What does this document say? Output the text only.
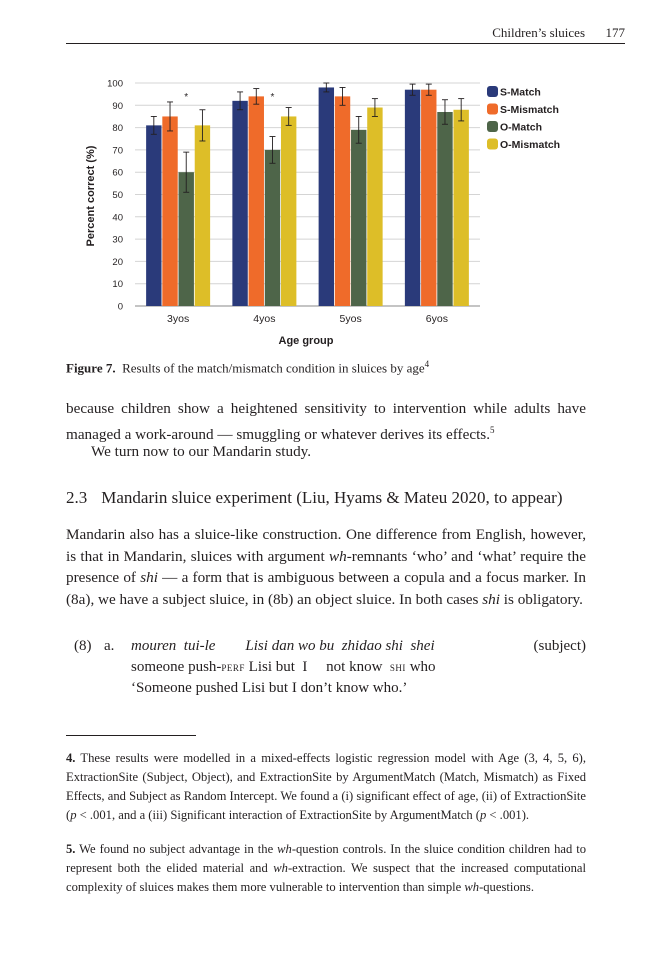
Children’s sluices 177
0
10
20
30
40
50
60
70
80
90
100
3yos	4yos	5yos	6yos
*	*	S-Match
S-Mismatch
O-Match
O-Mismatch
Percent correct (%)
Age group
Figure 7. Results of the match/mismatch condition in sluices by age$^4$

because children show a heightened sensitivity to intervention while adults have managed a work-around — smuggling or whatever derives its effects.$^5$

We turn now to our Mandarin study.

2.3 Mandarin sluice experiment (Liu, Hyams & Mateu 2020, to appear)

Mandarin also has a sluice-like construction. One difference from English, however, is that in Mandarin, sluices with argument wh-remnants ‘who’ and ‘what’ require the presence of shi — a form that is ambiguous between a copula and a focus marker. In (8a), we have a subject sluice, in (8b) an object sluice. In both cases shi is obligatory.

(8) a. mouren  tui-le        Lisi dan wo bu  zhidao shi  shei
someone push-perf Lisi but  I     not know  shi who
‘Someone pushed Lisi but I don’t know who.’
(subject)

4. These results were modelled in a mixed-effects logistic regression model with Age (3, 4, 5, 6), ExtractionSite (Subject, Object), and ExtractionSite by ArgumentMatch (Match, Mismatch) as Fixed Effects, and Subject as Random Intercept. We found a (i) significant effect of age, (ii) of ExtractionSite (p < .001, and a (iii) Significant interaction of ExtractionSite by ArgumentMatch (p < .001).

5. We found no subject advantage in the wh-question controls. In the sluice condition children had to represent both the elided material and wh-extraction. We suspect that the increased computational complexity of sluices makes them more vulnerable to intervention than simple wh-questions.
